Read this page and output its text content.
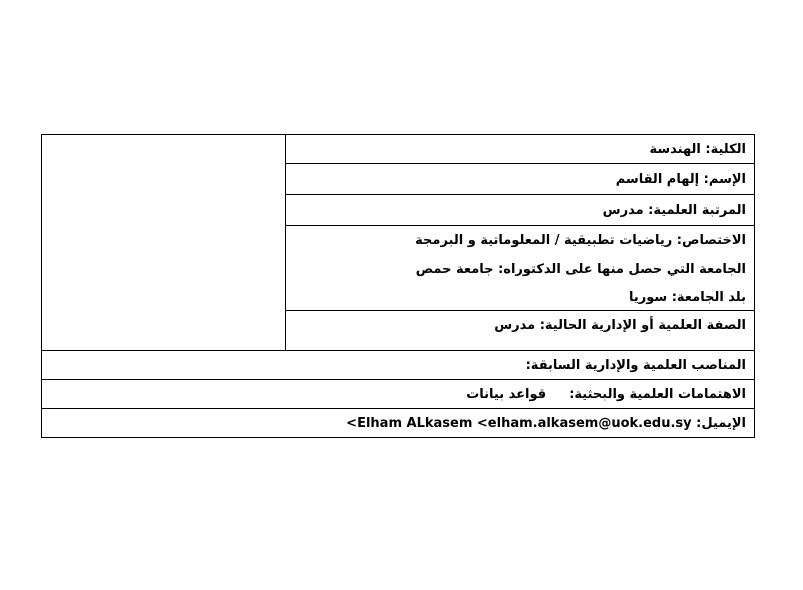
الكلية: الهندسة
الإسم: إلهام القاسم
المرتبة العلمية: مدرس
الاختصاص: رياضيات تطبيقية / المعلوماتية و البرمجة
الجامعة التي حصل منها على الدكتوراه: جامعة حمص
بلد الجامعة: سوريا
الصفة العلمية أو الإدارية الحالية: مدرس
المناصب العلمية والإدارية السابقة:
الاهتمامات العلمية والبحثية:  قواعد بيانات
الإيميل: Elham ALkasem <elham.alkasem@uok.edu.sy>
